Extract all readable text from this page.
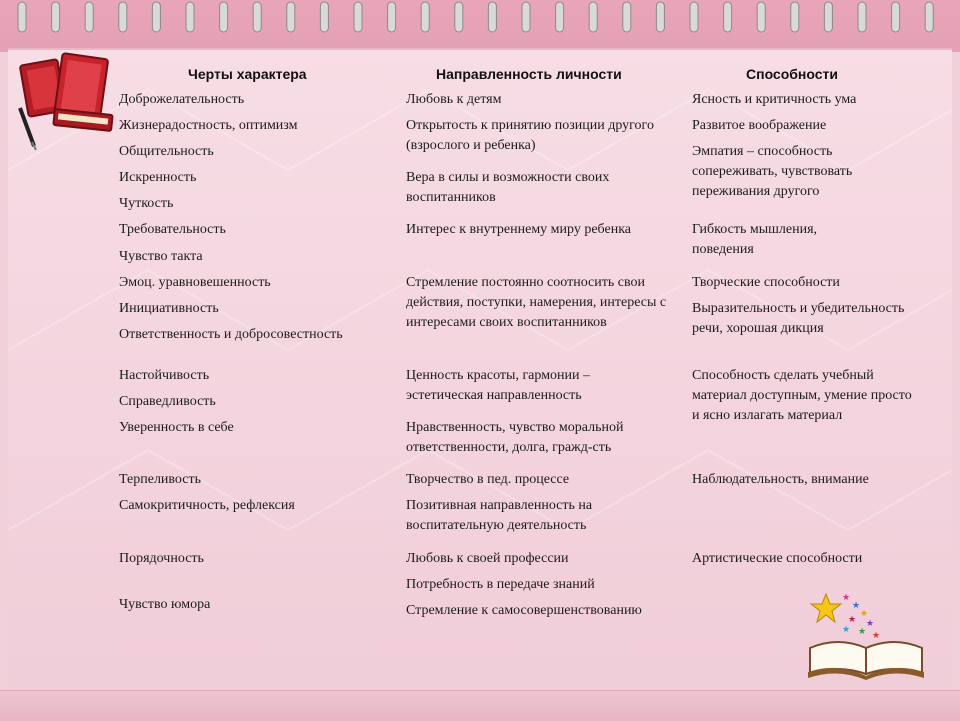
★
★
★
★ ★
★ ★
★
Черты характера	Направленность личности	Способности
Доброжелательность
Жизнерадостность, оптимизм
Общительность
Искренность
Чуткость
Требовательность
Чувство такта
Эмоц. уравновешенность
Инициативность
Ответственность и добросовестность
Настойчивость
Справедливость
Уверенность в себе
Терпеливость
Самокритичность, рефлексия
Порядочность
Чувство юмора
Любовь к детям
Открытость к принятию позиции другого (взрослого и ребенка)
Вера в силы и возможности своих воспитанников
Интерес к внутреннему миру ребенка
Стремление постоянно соотносить свои действия, поступки, намерения, интересы с интересами своих воспитанников
Ценность красоты, гармонии – эстетическая направленность
Нравственность, чувство моральной ответственности, долга, гражд-сть
Творчество в пед. процессе
Позитивная направленность на воспитательную деятельность
Любовь к своей профессии
Потребность в передаче знаний
Стремление к самосовершенствованию
Ясность и критичность ума
Развитое воображение
Эмпатия – способность сопереживать, чувствовать переживания другого
Гибкость мышления, поведения
Творческие способности
Выразительность и убедительность речи, хорошая дикция
Способность сделать учебный материал доступным, умение просто и ясно излагать материал
Наблюдательность, внимание
Артистические способности
